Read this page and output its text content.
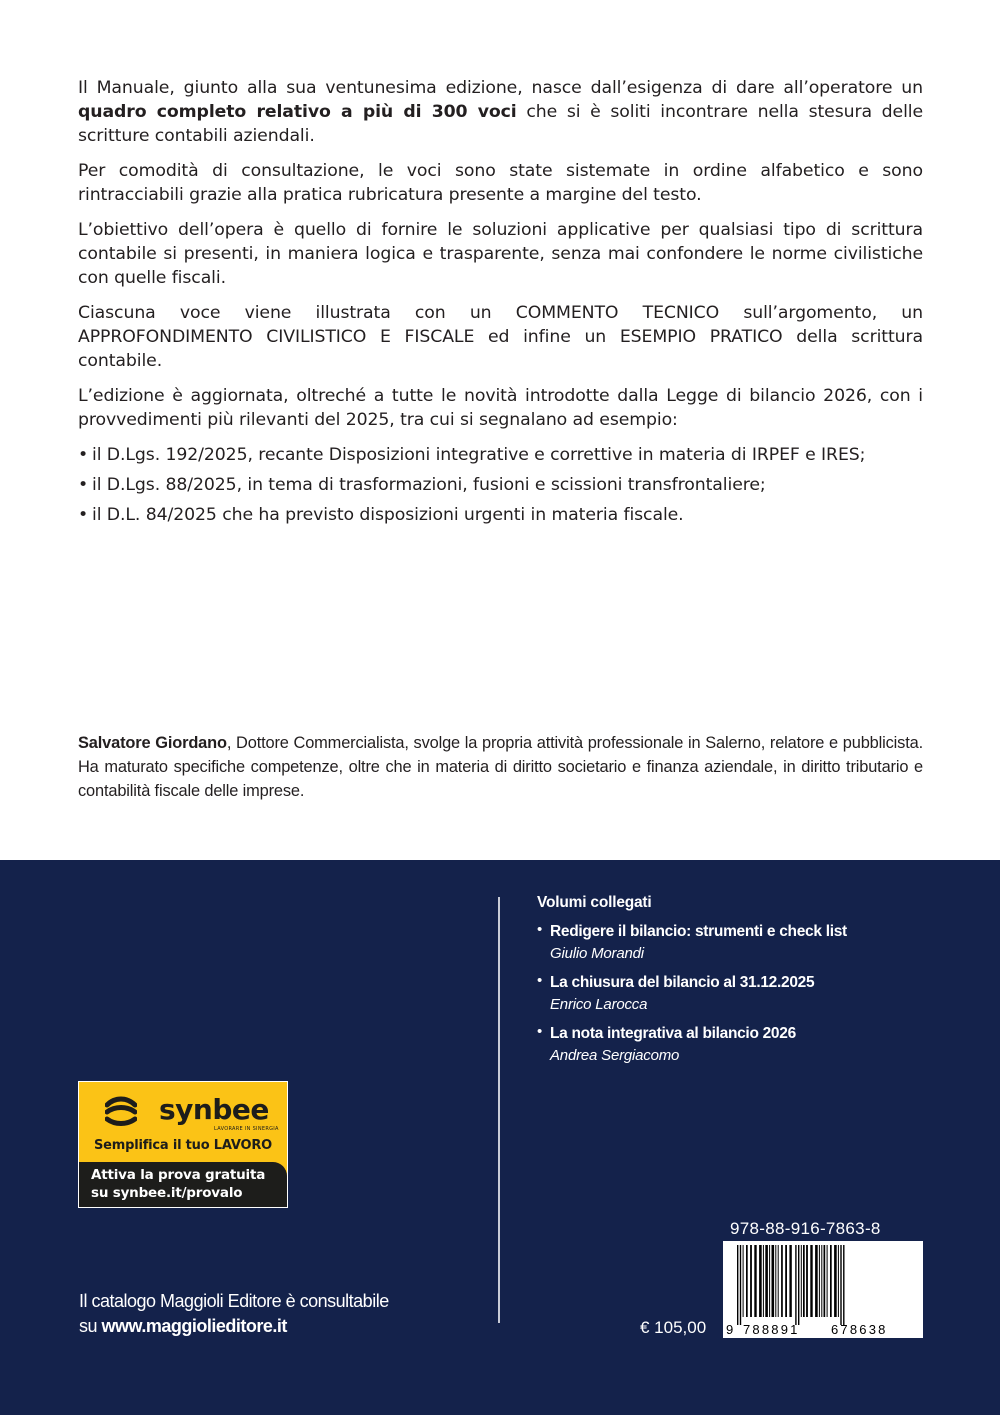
Il Manuale, giunto alla sua ventunesima edizione, nasce dall’esigenza di dare all’operatore un quadro completo relativo a più di 300 voci che si è soliti incontrare nella stesura delle scritture contabili aziendali.

Per comodità di consultazione, le voci sono state sistemate in ordine alfabetico e sono rintracciabili grazie alla pratica rubricatura presente a margine del testo.

L’obiettivo dell’opera è quello di fornire le soluzioni applicative per qualsiasi tipo di scrittura contabile si presenti, in maniera logica e trasparente, senza mai confondere le norme civilistiche con quelle fiscali.

Ciascuna voce viene illustrata con un COMMENTO TECNICO sull’argomento, un APPROFONDIMENTO CIVILISTICO E FISCALE ed infine un ESEMPIO PRATICO della scrittura contabile.

L’edizione è aggiornata, oltreché a tutte le novità introdotte dalla Legge di bilancio 2026, con i provvedimenti più rilevanti del 2025, tra cui si segnalano ad esempio:

• il D.Lgs. 192/2025, recante Disposizioni integrative e correttive in materia di IRPEF e IRES;
• il D.Lgs. 88/2025, in tema di trasformazioni, fusioni e scissioni transfrontaliere;
• il D.L. 84/2025 che ha previsto disposizioni urgenti in materia fiscale.
Salvatore Giordano, Dottore Commercialista, svolge la propria attività professionale in Salerno, relatore e pubblicista. Ha maturato specifiche competenze, oltre che in materia di diritto societario e finanza aziendale, in diritto tributario e contabilità fiscale delle imprese.
Volumi collegati
• Redigere il bilancio: strumenti e check list
Giulio Morandi
• La chiusura del bilancio al 31.12.2025
Enrico Larocca
• La nota integrativa al bilancio 2026
Andrea Sergiacomo
synbee
LAVORARE IN SINERGIA
Semplifica il tuo LAVORO
Attiva la prova gratuita
su synbee.it/provalo
Il catalogo Maggioli Editore è consultabile
su www.maggiolieditore.it
978-88-916-7863-8
€ 105,00 9 788891 678638
